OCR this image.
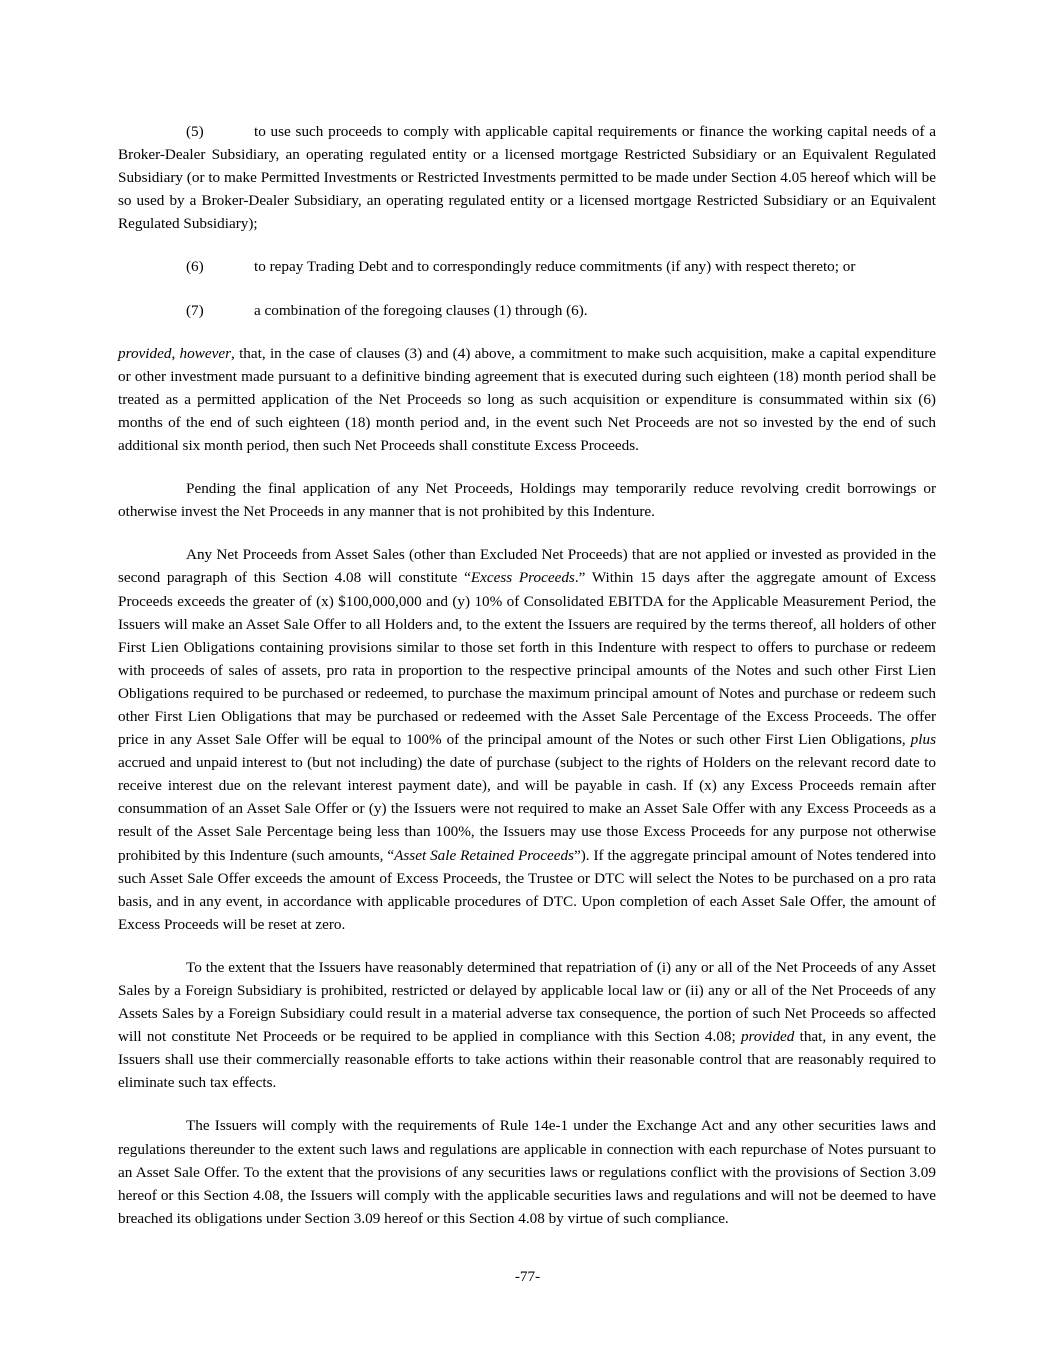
(5)	to use such proceeds to comply with applicable capital requirements or finance the working capital needs of a Broker-Dealer Subsidiary, an operating regulated entity or a licensed mortgage Restricted Subsidiary or an Equivalent Regulated Subsidiary (or to make Permitted Investments or Restricted Investments permitted to be made under Section 4.05 hereof which will be so used by a Broker-Dealer Subsidiary, an operating regulated entity or a licensed mortgage Restricted Subsidiary or an Equivalent Regulated Subsidiary);

(6)	to repay Trading Debt and to correspondingly reduce commitments (if any) with respect thereto; or

(7)	a combination of the foregoing clauses (1) through (6).

provided, however, that, in the case of clauses (3) and (4) above, a commitment to make such acquisition, make a capital expenditure or other investment made pursuant to a definitive binding agreement that is executed during such eighteen (18) month period shall be treated as a permitted application of the Net Proceeds so long as such acquisition or expenditure is consummated within six (6) months of the end of such eighteen (18) month period and, in the event such Net Proceeds are not so invested by the end of such additional six month period, then such Net Proceeds shall constitute Excess Proceeds.

Pending the final application of any Net Proceeds, Holdings may temporarily reduce revolving credit borrowings or otherwise invest the Net Proceeds in any manner that is not prohibited by this Indenture.

Any Net Proceeds from Asset Sales (other than Excluded Net Proceeds) that are not applied or invested as provided in the second paragraph of this Section 4.08 will constitute “Excess Proceeds.” Within 15 days after the aggregate amount of Excess Proceeds exceeds the greater of (x) $100,000,000 and (y) 10% of Consolidated EBITDA for the Applicable Measurement Period, the Issuers will make an Asset Sale Offer to all Holders and, to the extent the Issuers are required by the terms thereof, all holders of other First Lien Obligations containing provisions similar to those set forth in this Indenture with respect to offers to purchase or redeem with proceeds of sales of assets, pro rata in proportion to the respective principal amounts of the Notes and such other First Lien Obligations required to be purchased or redeemed, to purchase the maximum principal amount of Notes and purchase or redeem such other First Lien Obligations that may be purchased or redeemed with the Asset Sale Percentage of the Excess Proceeds. The offer price in any Asset Sale Offer will be equal to 100% of the principal amount of the Notes or such other First Lien Obligations, plus accrued and unpaid interest to (but not including) the date of purchase (subject to the rights of Holders on the relevant record date to receive interest due on the relevant interest payment date), and will be payable in cash. If (x) any Excess Proceeds remain after consummation of an Asset Sale Offer or (y) the Issuers were not required to make an Asset Sale Offer with any Excess Proceeds as a result of the Asset Sale Percentage being less than 100%, the Issuers may use those Excess Proceeds for any purpose not otherwise prohibited by this Indenture (such amounts, “Asset Sale Retained Proceeds”). If the aggregate principal amount of Notes tendered into such Asset Sale Offer exceeds the amount of Excess Proceeds, the Trustee or DTC will select the Notes to be purchased on a pro rata basis, and in any event, in accordance with applicable procedures of DTC. Upon completion of each Asset Sale Offer, the amount of Excess Proceeds will be reset at zero.

To the extent that the Issuers have reasonably determined that repatriation of (i) any or all of the Net Proceeds of any Asset Sales by a Foreign Subsidiary is prohibited, restricted or delayed by applicable local law or (ii) any or all of the Net Proceeds of any Assets Sales by a Foreign Subsidiary could result in a material adverse tax consequence, the portion of such Net Proceeds so affected will not constitute Net Proceeds or be required to be applied in compliance with this Section 4.08; provided that, in any event, the Issuers shall use their commercially reasonable efforts to take actions within their reasonable control that are reasonably required to eliminate such tax effects.

The Issuers will comply with the requirements of Rule 14e-1 under the Exchange Act and any other securities laws and regulations thereunder to the extent such laws and regulations are applicable in connection with each repurchase of Notes pursuant to an Asset Sale Offer. To the extent that the provisions of any securities laws or regulations conflict with the provisions of Section 3.09 hereof or this Section 4.08, the Issuers will comply with the applicable securities laws and regulations and will not be deemed to have breached its obligations under Section 3.09 hereof or this Section 4.08 by virtue of such compliance.

-77-
